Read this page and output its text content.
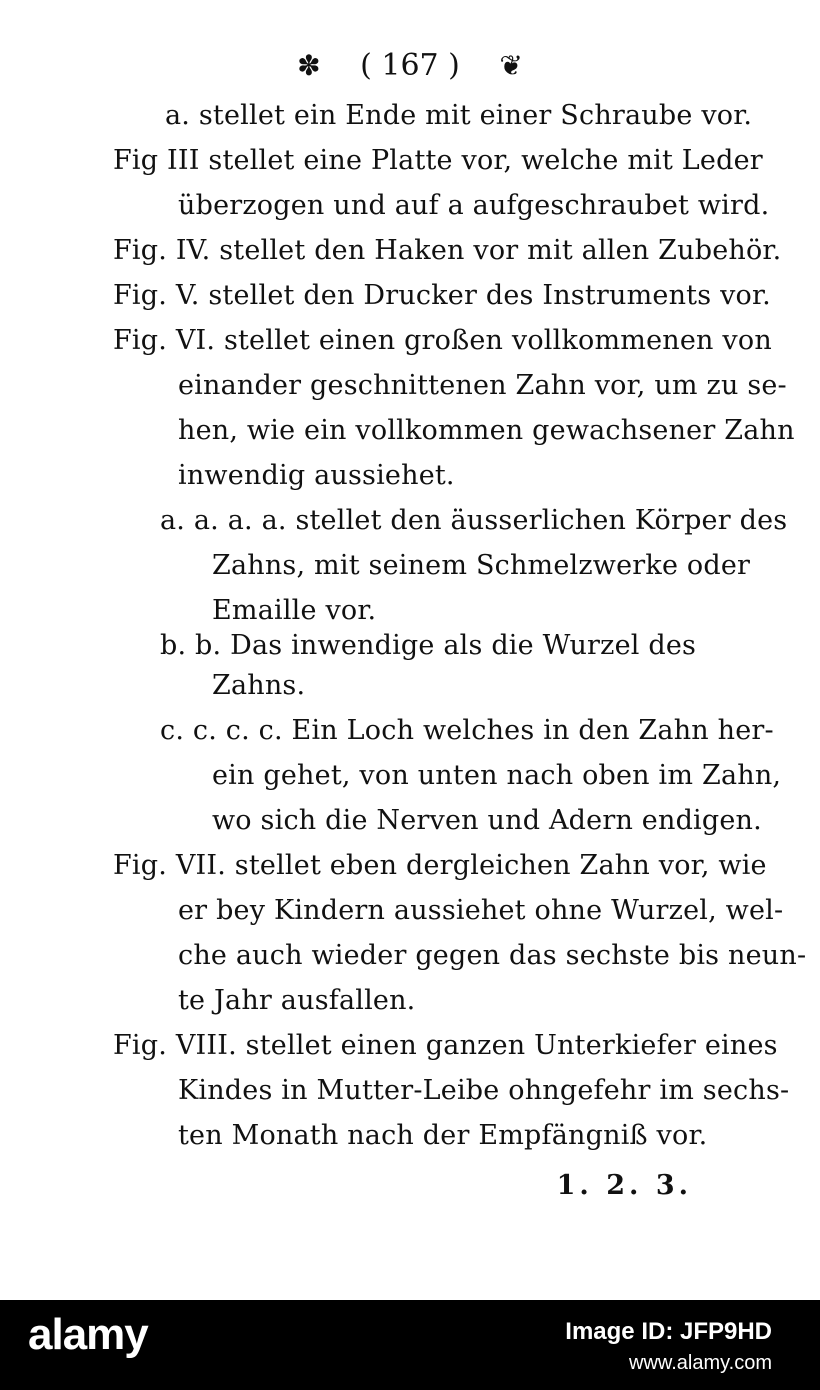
✽ ( 167 ) ❦
a. stellet ein Ende mit einer Schraube vor.
Fig III stellet eine Platte vor, welche mit Leder
überzogen und auf a aufgeschraubet wird.
Fig. IV. stellet den Haken vor mit allen Zubehör.
Fig. V. stellet den Drucker des Instruments vor.
Fig. VI. stellet einen großen vollkommenen von
einander geschnittenen Zahn vor, um zu se-
hen, wie ein vollkommen gewachsener Zahn
inwendig aussiehet.
a. a. a. a. stellet den äusserlichen Körper des
Zahns, mit seinem Schmelzwerke oder
Emaille vor.
b. b. Das inwendige als die Wurzel des
Zahns.
c. c. c. c. Ein Loch welches in den Zahn her-
ein gehet, von unten nach oben im Zahn,
wo sich die Nerven und Adern endigen.
Fig. VII. stellet eben dergleichen Zahn vor, wie
er bey Kindern aussiehet ohne Wurzel, wel-
che auch wieder gegen das sechste bis neun-
te Jahr ausfallen.
Fig. VIII. stellet einen ganzen Unterkiefer eines
Kindes in Mutter-Leibe ohngefehr im sechs-
ten Monath nach der Empfängniß vor.
1. 2. 3.
alamy	Image ID: JFP9HD
www.alamy.com
